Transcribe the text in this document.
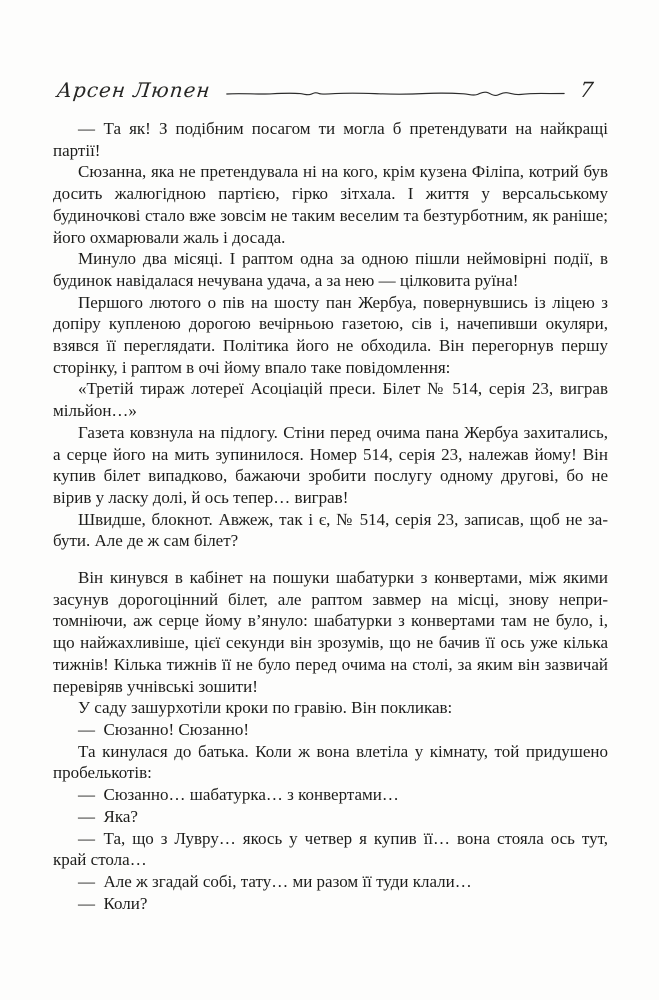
Арсен Люпен	7

— Та як! З подібним посагом ти могла б претендувати на найкращі партії!

Сюзанна, яка не претендувала ні на кого, крім кузена Філіпа, котрий був досить жалюгідною партією, гірко зітхала. І життя у версальському будиночкові стало вже зовсім не таким веселим та безтурботним, як раніше; його охмарювали жаль і досада.

Минуло два місяці. І раптом одна за одною пішли неймовірні події, в будинок навідалася нечувана удача, а за нею — цілковита руїна!

Першого лютого о пів на шосту пан Жербуа, повернувшись із ліцею з допіру купленою дорогою вечірньою газетою, сів і, начепивши окуляри, взявся її переглядати. Політика його не обходила. Він перегорнув першу сторінку, і раптом в очі йому впало таке повідомлення:

«Третій тираж лотереї Асоціацій преси. Білет № 514, серія 23, виграв мільйон…»

Газета ковзнула на підлогу. Стіни перед очима пана Жербуа захитались, а серце його на мить зупинилося. Номер 514, серія 23, належав йому! Він купив білет випадково, бажаючи зробити послугу одному другові, бо не вірив у ласку долі, й ось тепер… виграв!

Швидше, блокнот. Авжеж, так і є, № 514, серія 23, записав, щоб не забути. Але де ж сам білет?

Він кинувся в кабінет на пошуки шабатурки з конвертами, між якими засунув дорогоцінний білет, але раптом завмер на місці, знову непритомніючи, аж серце йому в’януло: шабатурки з конвертами там не було, і, що найжахливіше, цієї секунди він зрозумів, що не бачив її ось уже кілька тижнів! Кілька тижнів її не було перед очима на столі, за яким він зазвичай перевіряв учнівські зошити!

У саду зашурхотіли кроки по гравію. Він покликав:

— Сюзанно! Сюзанно!

Та кинулася до батька. Коли ж вона влетіла у кімнату, той придушено пробелькотів:

— Сюзанно… шабатурка… з конвертами…

— Яка?

— Та, що з Лувру… якось у четвер я купив її… вона стояла ось тут, край стола…

— Але ж згадай собі, тату… ми разом її туди клали…

— Коли?
